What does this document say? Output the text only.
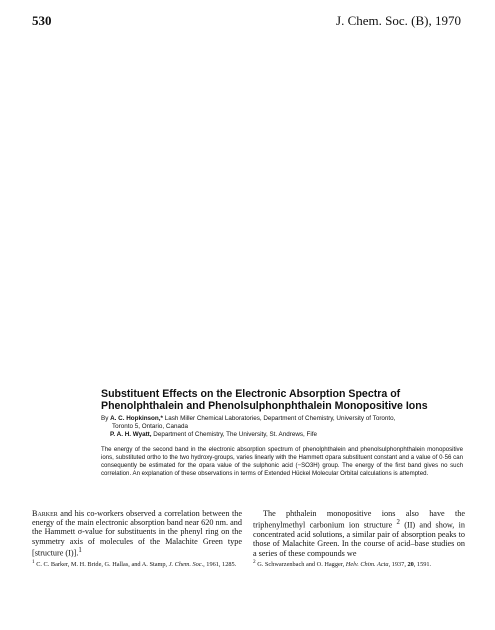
530	J. Chem. Soc. (B), 1970
Substituent Effects on the Electronic Absorption Spectra of Phenolphthalein and Phenolsulphonphthalein Monopositive Ions

By A. C. Hopkinson,* Lash Miller Chemical Laboratories, Department of Chemistry, University of Toronto,

Toronto 5, Ontario, Canada

P. A. H. Wyatt, Department of Chemistry, The University, St. Andrews, Fife

The energy of the second band in the electronic absorption spectrum of phenolphthalein and phenolsulphonphthalein monopositive ions, substituted ortho to the two hydroxy-groups, varies linearly with the Hammett σpara substituent constant and a value of 0·56 can consequently be estimated for the σpara value of the sulphonic acid (−SO3H) group. The energy of the first band gives no such correlation. An explanation of these observations in terms of Extended Hückel Molecular Orbital calculations is attempted.

Barker and his co-workers observed a correlation between the energy of the main electronic absorption band near 620 nm. and the Hammett σ-value for substituents in the phenyl ring on the symmetry axis of molecules of the Malachite Green type [structure (I)].$^1$

$^1$ C. C. Barker, M. H. Bride, G. Hallas, and A. Stamp, J. Chem. Soc., 1961, 1285.

The phthalein monopositive ions also have the triphenylmethyl carbonium ion structure $^2$ (II) and show, in concentrated acid solutions, a similar pair of absorption peaks to those of Malachite Green. In the course of acid–base studies on a series of these compounds we

$^2$ G. Schwarzenbach and O. Hagger, Helv. Chim. Acta, 1937, 20, 1591.
